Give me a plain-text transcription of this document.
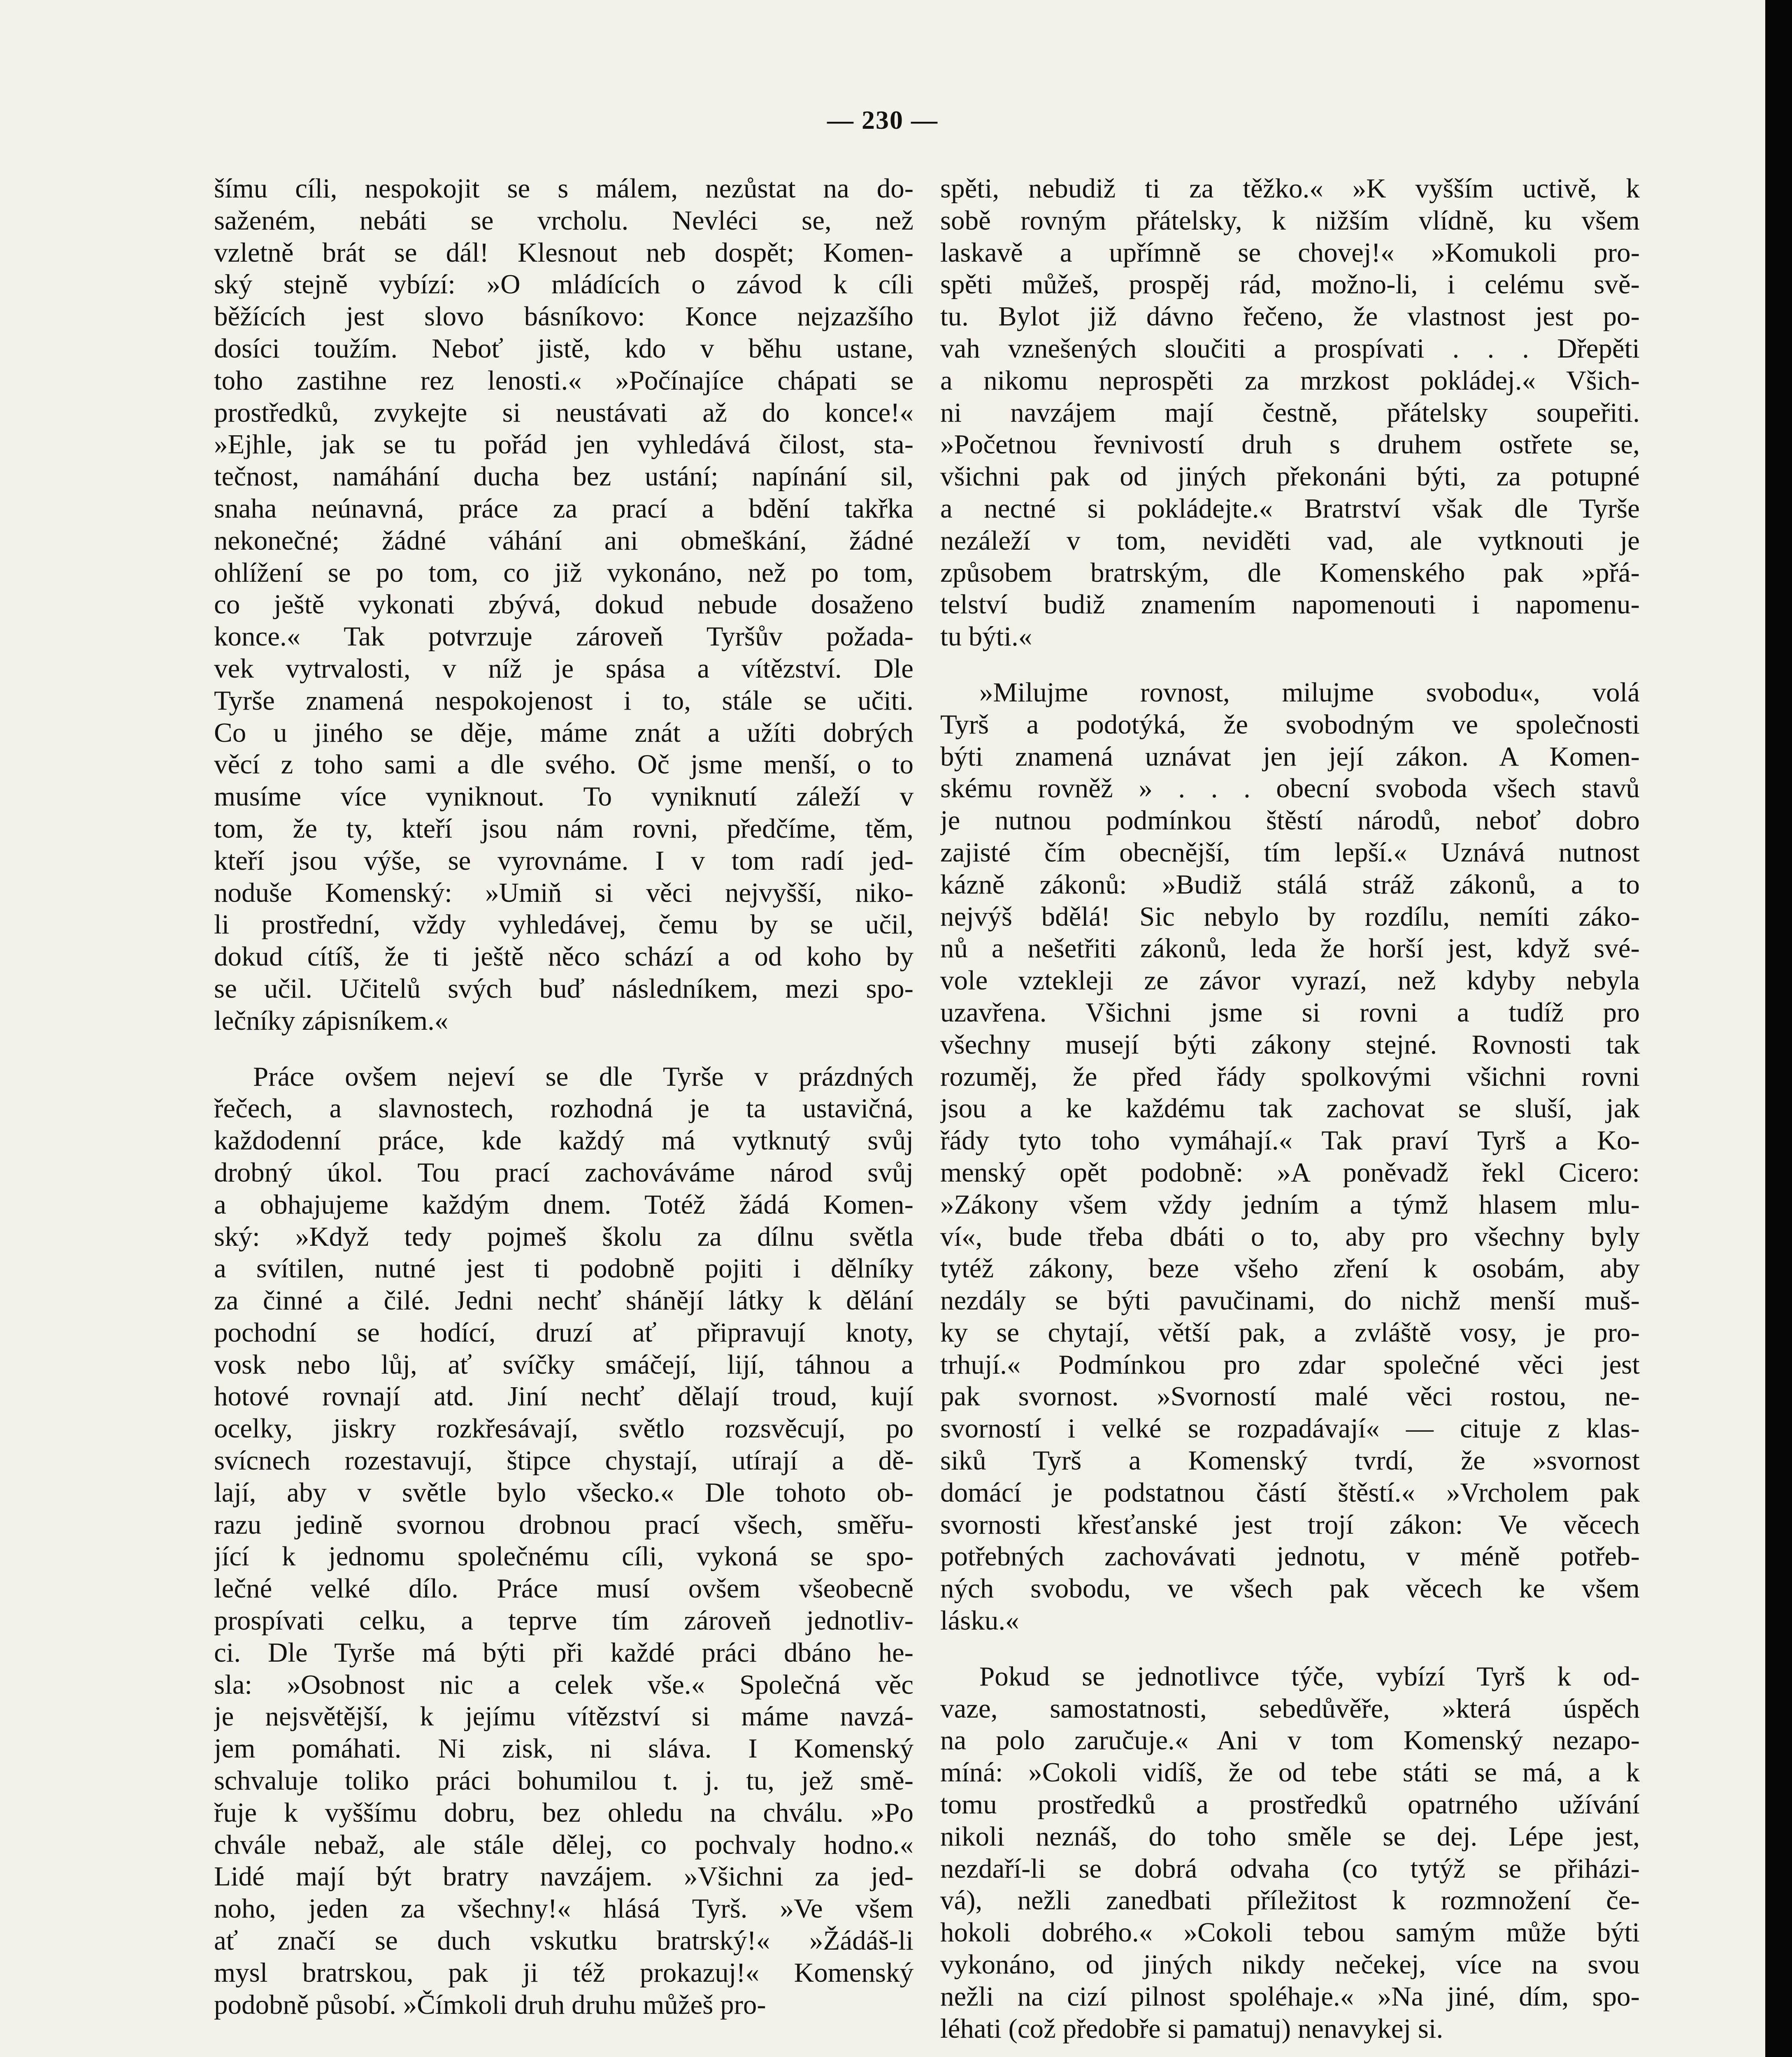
— 230 —
šímu cíli, nespokojit se s málem, nezůstat na do-
saženém, nebáti se vrcholu. Nevléci se, než
vzletně brát se dál! Klesnout neb dospět; Komen-
ský stejně vybízí: »O mládících o závod k cíli
běžících jest slovo básníkovo: Konce nejzazšího
dosíci toužím. Neboť jistě, kdo v běhu ustane,
toho zastihne rez lenosti.« »Počínajíce chápati se
prostředků, zvykejte si neustávati až do konce!«
»Ejhle, jak se tu pořád jen vyhledává čilost, sta-
tečnost, namáhání ducha bez ustání; napínání sil,
snaha neúnavná, práce za prací a bdění takřka
nekonečné; žádné váhání ani obmeškání, žádné
ohlížení se po tom, co již vykonáno, než po tom,
co ještě vykonati zbývá, dokud nebude dosaženo
konce.« Tak potvrzuje zároveň Tyršův požada-
vek vytrvalosti, v níž je spása a vítězství. Dle
Tyrše znamená nespokojenost i to, stále se učiti.
Co u jiného se děje, máme znát a užíti dobrých
věcí z toho sami a dle svého. Oč jsme menší, o to
musíme více vyniknout. To vyniknutí záleží v
tom, že ty, kteří jsou nám rovni, předčíme, těm,
kteří jsou výše, se vyrovnáme. I v tom radí jed-
noduše Komenský: »Umiň si věci nejvyšší, niko-
li prostřední, vždy vyhledávej, čemu by se učil,
dokud cítíš, že ti ještě něco schází a od koho by
se učil. Učitelů svých buď následníkem, mezi spo-
lečníky zápisníkem.«
Práce ovšem nejeví se dle Tyrše v prázdných
řečech, a slavnostech, rozhodná je ta ustavičná,
každodenní práce, kde každý má vytknutý svůj
drobný úkol. Tou prací zachováváme národ svůj
a obhajujeme každým dnem. Totéž žádá Komen-
ský: »Když tedy pojmeš školu za dílnu světla
a svítilen, nutné jest ti podobně pojiti i dělníky
za činné a čilé. Jedni nechť shánějí látky k dělání
pochodní se hodící, druzí ať připravují knoty,
vosk nebo lůj, ať svíčky smáčejí, lijí, táhnou a
hotové rovnají atd. Jiní nechť dělají troud, kují
ocelky, jiskry rozkřesávají, světlo rozsvěcují, po
svícnech rozestavují, štipce chystají, utírají a dě-
lají, aby v světle bylo všecko.« Dle tohoto ob-
razu jedině svornou drobnou prací všech, směřu-
jící k jednomu společnému cíli, vykoná se spo-
lečné velké dílo. Práce musí ovšem všeobecně
prospívati celku, a teprve tím zároveň jednotliv-
ci. Dle Tyrše má býti při každé práci dbáno he-
sla: »Osobnost nic a celek vše.« Společná věc
je nejsvětější, k jejímu vítězství si máme navzá-
jem pomáhati. Ni zisk, ni sláva. I Komenský
schvaluje toliko práci bohumilou t. j. tu, jež smě-
řuje k vyššímu dobru, bez ohledu na chválu. »Po
chvále nebaž, ale stále dělej, co pochvaly hodno.«
Lidé mají být bratry navzájem. »Všichni za jed-
noho, jeden za všechny!« hlásá Tyrš. »Ve všem
ať značí se duch vskutku bratrský!« »Žádáš-li
mysl bratrskou, pak ji též prokazuj!« Komenský
podobně působí. »Čímkoli druh druhu můžeš pro-
spěti, nebudiž ti za těžko.« »K vyšším uctivě, k
sobě rovným přátelsky, k nižším vlídně, ku všem
laskavě a upřímně se chovej!« »Komukoli pro-
spěti můžeš, prospěj rád, možno-li, i celému svě-
tu. Bylot již dávno řečeno, že vlastnost jest po-
vah vznešených sloučiti a prospívati . . . Dřepěti
a nikomu neprospěti za mrzkost pokládej.« Všich-
ni navzájem mají čestně, přátelsky soupeřiti.
»Početnou řevnivostí druh s druhem ostřete se,
všichni pak od jiných překonáni býti, za potupné
a nectné si pokládejte.« Bratrství však dle Tyrše
nezáleží v tom, neviděti vad, ale vytknouti je
způsobem bratrským, dle Komenského pak »přá-
telství budiž znamením napomenouti i napomenu-
tu býti.«
»Milujme rovnost, milujme svobodu«, volá
Tyrš a podotýká, že svobodným ve společnosti
býti znamená uznávat jen její zákon. A Komen-
skému rovněž » . . . obecní svoboda všech stavů
je nutnou podmínkou štěstí národů, neboť dobro
zajisté čím obecnější, tím lepší.« Uznává nutnost
kázně zákonů: »Budiž stálá stráž zákonů, a to
nejvýš bdělá! Sic nebylo by rozdílu, nemíti záko-
nů a nešetřiti zákonů, leda že horší jest, když své-
vole vztekleji ze závor vyrazí, než kdyby nebyla
uzavřena. Všichni jsme si rovni a tudíž pro
všechny musejí býti zákony stejné. Rovnosti tak
rozuměj, že před řády spolkovými všichni rovni
jsou a ke každému tak zachovat se sluší, jak
řády tyto toho vymáhají.« Tak praví Tyrš a Ko-
menský opět podobně: »A poněvadž řekl Cicero:
»Zákony všem vždy jedním a týmž hlasem mlu-
ví«, bude třeba dbáti o to, aby pro všechny byly
tytéž zákony, beze všeho zření k osobám, aby
nezdály se býti pavučinami, do nichž menší muš-
ky se chytají, větší pak, a zvláště vosy, je pro-
trhují.« Podmínkou pro zdar společné věci jest
pak svornost. »Svorností malé věci rostou, ne-
svorností i velké se rozpadávají« — cituje z klas-
siků Tyrš a Komenský tvrdí, že »svornost
domácí je podstatnou částí štěstí.« »Vrcholem pak
svornosti křesťanské jest trojí zákon: Ve věcech
potřebných zachovávati jednotu, v méně potřeb-
ných svobodu, ve všech pak věcech ke všem
lásku.«
Pokud se jednotlivce týče, vybízí Tyrš k od-
vaze, samostatnosti, sebedůvěře, »která úspěch
na polo zaručuje.« Ani v tom Komenský nezapo-
míná: »Cokoli vidíš, že od tebe státi se má, a k
tomu prostředků a prostředků opatrného užívání
nikoli neznáš, do toho směle se dej. Lépe jest,
nezdaří-li se dobrá odvaha (co tytýž se přiházi-
vá), nežli zanedbati příležitost k rozmnožení če-
hokoli dobrého.« »Cokoli tebou samým může býti
vykonáno, od jiných nikdy nečekej, více na svou
nežli na cizí pilnost spoléhaje.« »Na jiné, dím, spo-
léhati (což předobře si pamatuj) nenavykej si.
